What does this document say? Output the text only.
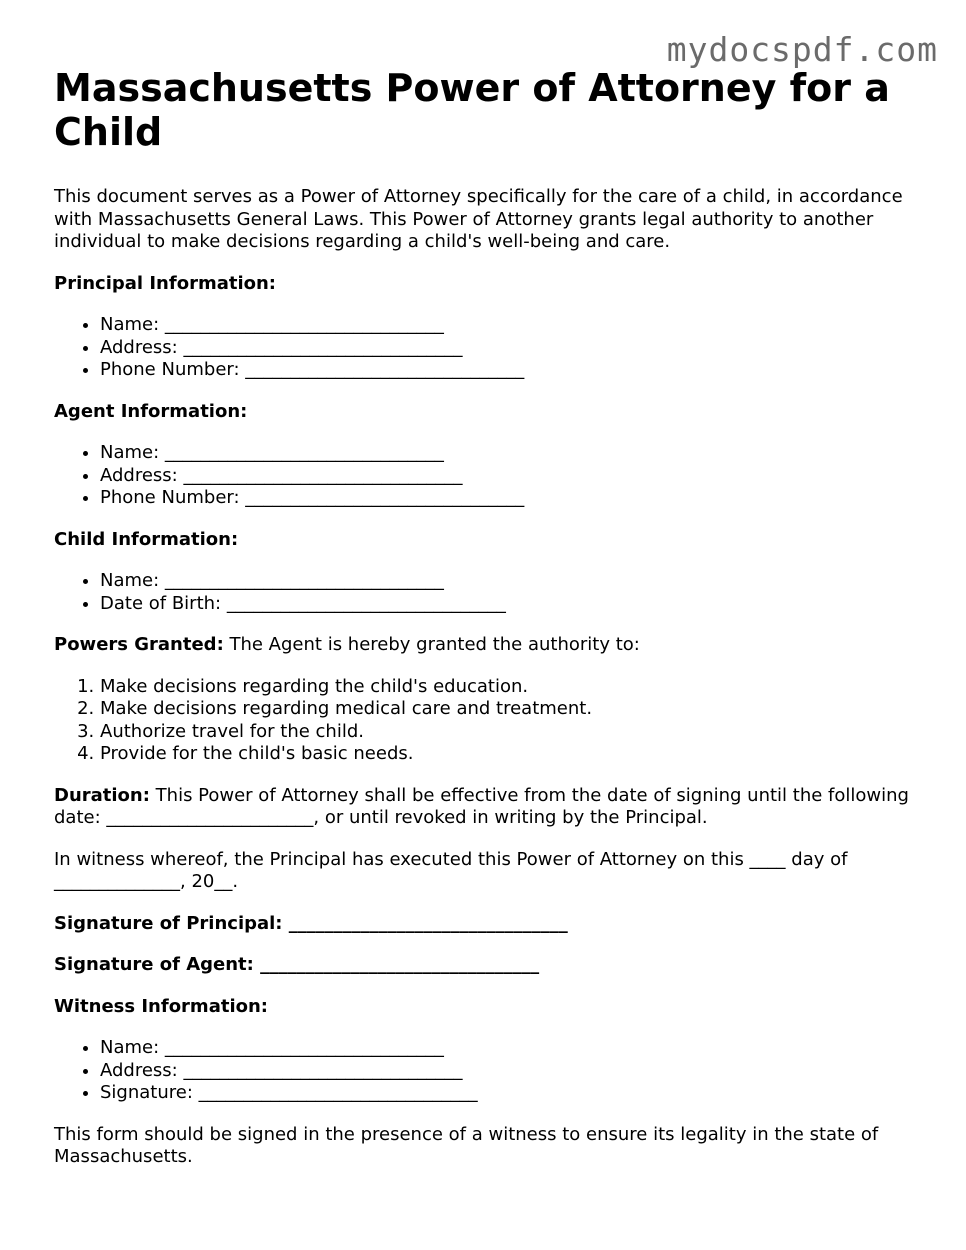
mydocspdf.com
Massachusetts Power of Attorney for a Child

This document serves as a Power of Attorney specifically for the care of a child, in accordance with Massachusetts General Laws. This Power of Attorney grants legal authority to another individual to make decisions regarding a child's well-being and care.

Principal Information:

• Name: _______________________________
• Address: _______________________________
• Phone Number: _______________________________

Agent Information:

• Name: _______________________________
• Address: _______________________________
• Phone Number: _______________________________

Child Information:

• Name: _______________________________
• Date of Birth: _______________________________

Powers Granted: The Agent is hereby granted the authority to:

1. Make decisions regarding the child's education.
2. Make decisions regarding medical care and treatment.
3. Authorize travel for the child.
4. Provide for the child's basic needs.

Duration: This Power of Attorney shall be effective from the date of signing until the following date: _______________________, or until revoked in writing by the Principal.

In witness whereof, the Principal has executed this Power of Attorney on this ____ day of ______________, 20__.

Signature of Principal: _______________________________

Signature of Agent: _______________________________

Witness Information:

• Name: _______________________________
• Address: _______________________________
• Signature: _______________________________

This form should be signed in the presence of a witness to ensure its legality in the state of Massachusetts.
